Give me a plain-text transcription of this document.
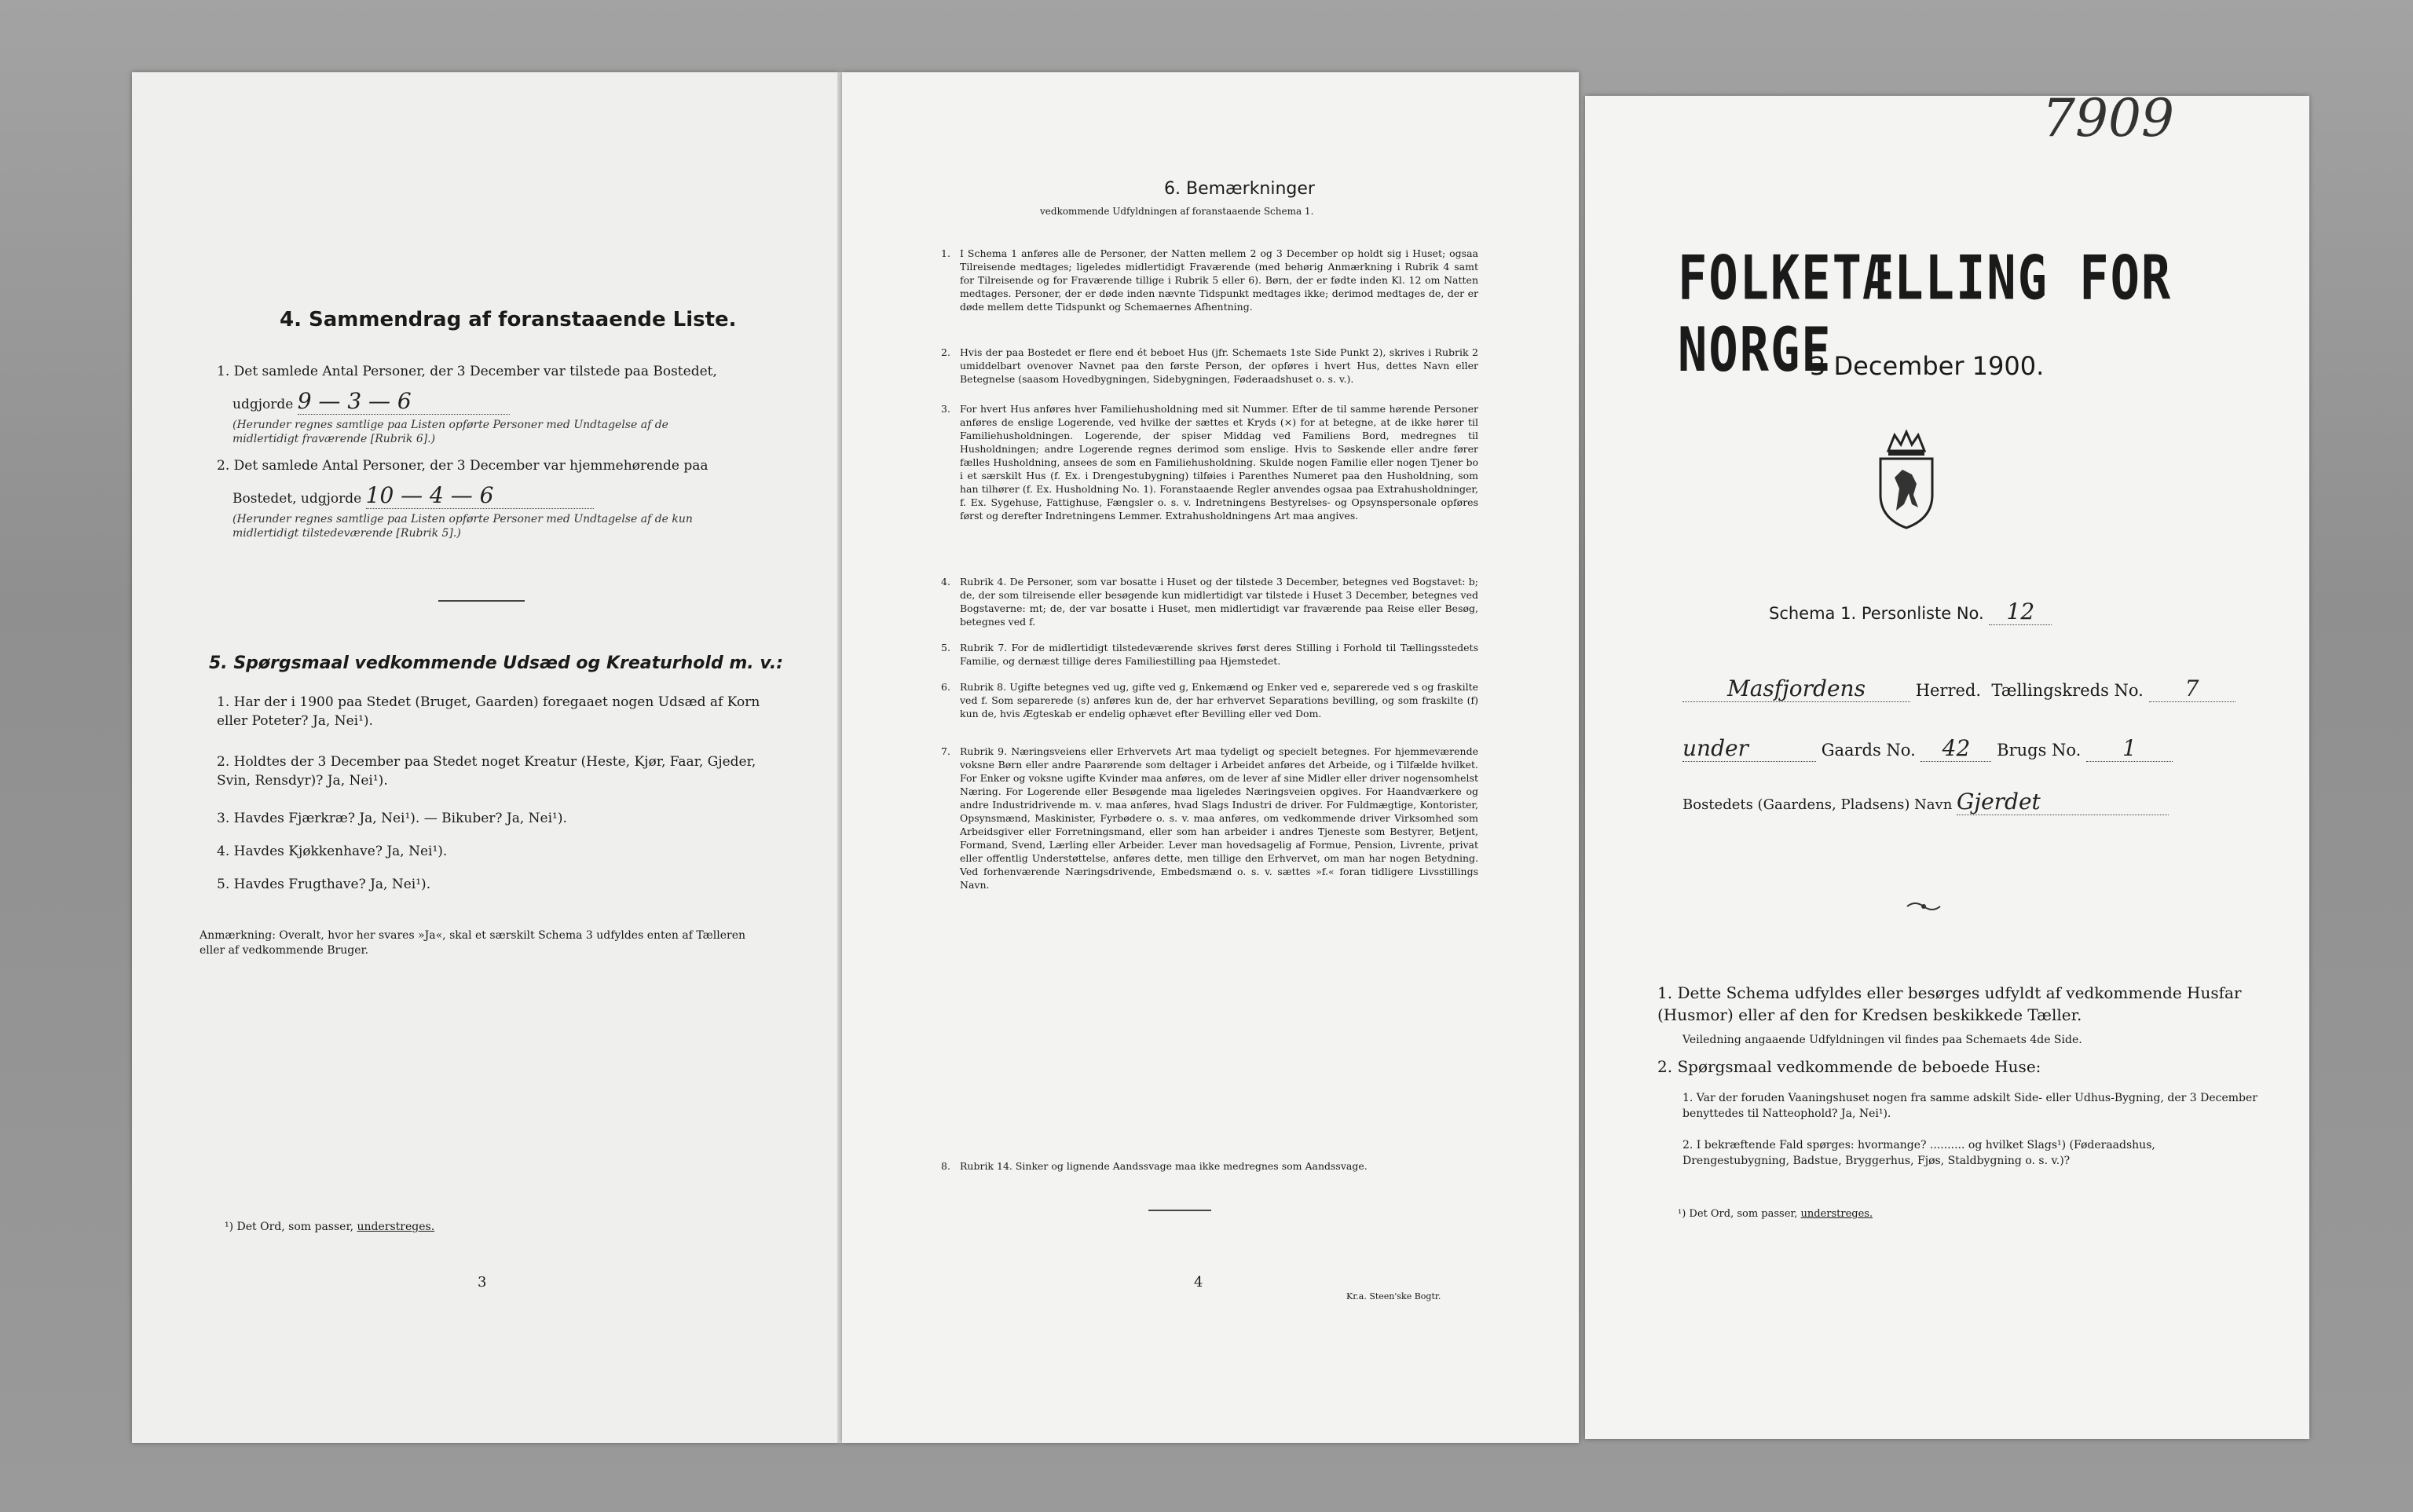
4. Sammendrag af foranstaaende Liste.
1. Det samlede Antal Personer, der 3 December var tilstede paa Bostedet,
udgjorde 9 — 3 — 6
(Herunder regnes samtlige paa Listen opførte Personer med Undtagelse af de midlertidigt fraværende [Rubrik 6].)
2. Det samlede Antal Personer, der 3 December var hjemmehørende paa
Bostedet, udgjorde 10 — 4 — 6
(Herunder regnes samtlige paa Listen opførte Personer med Undtagelse af de kun midlertidigt tilstedeværende [Rubrik 5].)
5. Spørgsmaal vedkommende Udsæd og Kreaturhold m. v.:
1. Har der i 1900 paa Stedet (Bruget, Gaarden) foregaaet nogen Udsæd af Korn eller Poteter? Ja, Nei¹).
2. Holdtes der 3 December paa Stedet noget Kreatur (Heste, Kjør, Faar, Gjeder, Svin, Rensdyr)? Ja, Nei¹).
3. Havdes Fjærkræ? Ja, Nei¹). — Bikuber? Ja, Nei¹).
4. Havdes Kjøkkenhave? Ja, Nei¹).
5. Havdes Frugthave? Ja, Nei¹).
Anmærkning: Overalt, hvor her svares »Ja«, skal et særskilt Schema 3 udfyldes enten af Tælleren eller af vedkommende Bruger.
¹) Det Ord, som passer, understreges.
3
6. Bemærkninger
vedkommende Udfyldningen af foranstaaende Schema 1.
1. I Schema 1 anføres alle de Personer, der Natten mellem 2 og 3 December op holdt sig i Huset; ogsaa Tilreisende medtages; ligeledes midlertidigt Fraværende (med behørig Anmærkning i Rubrik 4 samt for Tilreisende og for Fraværende tillige i Rubrik 5 eller 6). Børn, der er fødte inden Kl. 12 om Natten medtages. Personer, der er døde inden nævnte Tidspunkt medtages ikke; derimod medtages de, der er døde mellem dette Tidspunkt og Schemaernes Afhentning.
2. Hvis der paa Bostedet er flere end ét beboet Hus (jfr. Schemaets 1ste Side Punkt 2), skrives i Rubrik 2 umiddelbart ovenover Navnet paa den første Person, der opføres i hvert Hus, dettes Navn eller Betegnelse (saasom Hovedbygningen, Sidebygningen, Føderaadshuset o. s. v.).
3. For hvert Hus anføres hver Familiehusholdning med sit Nummer. Efter de til samme hørende Personer anføres de enslige Logerende, ved hvilke der sættes et Kryds (×) for at betegne, at de ikke hører til Familiehusholdningen. Logerende, der spiser Middag ved Familiens Bord, medregnes til Husholdningen; andre Logerende regnes derimod som enslige. Hvis to Søskende eller andre fører fælles Husholdning, ansees de som en Familiehusholdning. Skulde nogen Familie eller nogen Tjener bo i et særskilt Hus (f. Ex. i Drengestubygning) tilføies i Parenthes Numeret paa den Husholdning, som han tilhører (f. Ex. Husholdning No. 1). Foranstaaende Regler anvendes ogsaa paa Extrahusholdninger, f. Ex. Sygehuse, Fattighuse, Fængsler o. s. v. Indretningens Bestyrelses- og Opsynspersonale opføres først og derefter Indretningens Lemmer. Extrahusholdningens Art maa angives.
4. Rubrik 4. De Personer, som var bosatte i Huset og der tilstede 3 December, betegnes ved Bogstavet: b; de, der som tilreisende eller besøgende kun midlertidigt var tilstede i Huset 3 December, betegnes ved Bogstaverne: mt; de, der var bosatte i Huset, men midlertidigt var fraværende paa Reise eller Besøg, betegnes ved f.
5. Rubrik 7. For de midlertidigt tilstedeværende skrives først deres Stilling i Forhold til Tællingsstedets Familie, og dernæst tillige deres Familiestilling paa Hjemstedet.
6. Rubrik 8. Ugifte betegnes ved ug, gifte ved g, Enkemænd og Enker ved e, separerede ved s og fraskilte ved f. Som separerede (s) anføres kun de, der har erhvervet Separations bevilling, og som fraskilte (f) kun de, hvis Ægteskab er endelig ophævet efter Bevilling eller ved Dom.
7. Rubrik 9. Næringsveiens eller Erhvervets Art maa tydeligt og specielt betegnes. For hjemmeværende voksne Børn eller andre Paarørende som deltager i Arbeidet anføres det Arbeide, og i Tilfælde hvilket. For Enker og voksne ugifte Kvinder maa anføres, om de lever af sine Midler eller driver nogensomhelst Næring. For Logerende eller Besøgende maa ligeledes Næringsveien opgives. For Haandværkere og andre Industridrivende m. v. maa anføres, hvad Slags Industri de driver. For Fuldmægtige, Kontorister, Opsynsmænd, Maskinister, Fyrbødere o. s. v. maa anføres, om vedkommende driver Virksomhed som Arbeidsgiver eller Forretningsmand, eller som han arbeider i andres Tjeneste som Bestyrer, Betjent, Formand, Svend, Lærling eller Arbeider. Lever man hovedsagelig af Formue, Pension, Livrente, privat eller offentlig Understøttelse, anføres dette, men tillige den Erhvervet, om man har nogen Betydning. Ved forhenværende Næringsdrivende, Embedsmænd o. s. v. sættes »f.« foran tidligere Livsstillings Navn.
8. Rubrik 14. Sinker og lignende Aandssvage maa ikke medregnes som Aandssvage.
4
Kr.a. Steen'ske Bogtr.
7909
FOLKETÆLLING FOR NORGE
3 December 1900.
Schema 1. Personliste No. 12
Masfjordens	Herred. Tællingskreds No. 7
under	Gaards No. 42 Brugs No. 1
Bostedets (Gaardens, Pladsens) Navn Gjerdet
1. Dette Schema udfyldes eller besørges udfyldt af vedkommende Husfar (Husmor) eller af den for Kredsen beskikkede Tæller.
Veiledning angaaende Udfyldningen vil findes paa Schemaets 4de Side.
2. Spørgsmaal vedkommende de beboede Huse:
1. Var der foruden Vaaningshuset nogen fra samme adskilt Side- eller Udhus-Bygning, der 3 December benyttedes til Natteophold? Ja, Nei¹).
2. I bekræftende Fald spørges: hvormange? .......... og hvilket Slags¹) (Føderaadshus, Drengestubygning, Badstue, Bryggerhus, Fjøs, Staldbygning o. s. v.)?
¹) Det Ord, som passer, understreges.
